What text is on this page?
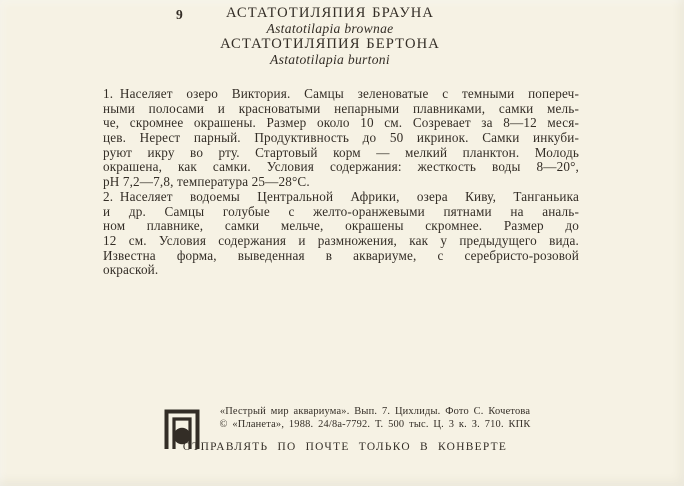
9	АСТАТОТИЛЯПИЯ БРАУНА
Astatotilapia brownae
АСТАТОТИЛЯПИЯ БЕРТОНА
Astatotilapia burtoni
1. Населяет озеро Виктория. Самцы зеленоватые с темными попереч-
ными полосами и красноватыми непарными плавниками, самки мель-
че, скромнее окрашены. Размер около 10 см. Созревает за 8—12 меся-
цев. Нерест парный. Продуктивность до 50 икринок. Самки инкуби-
руют икру во рту. Стартовый корм — мелкий планктон. Молодь
окрашена, как самки. Условия содержания: жесткость воды 8—20°,
pH 7,2—7,8, температура 25—28°С.
2. Населяет водоемы Центральной Африки, озера Киву, Танганьика
и др. Самцы голубые с желто-оранжевыми пятнами на аналь-
ном плавнике, самки мельче, окрашены скромнее. Размер до
12 см. Условия содержания и размножения, как у предыдущего вида.
Известна форма, выведенная в аквариуме, с серебристо-розовой
окраской.
«Пестрый мир аквариума». Вып. 7. Цихлиды. Фото С. Кочетова
© «Планета», 1988. 24/8а-7792. Т. 500 тыс. Ц. 3 к. З. 710. КПК
ОТПРАВЛЯТЬ ПО ПОЧТЕ ТОЛЬКО В КОНВЕРТЕ
